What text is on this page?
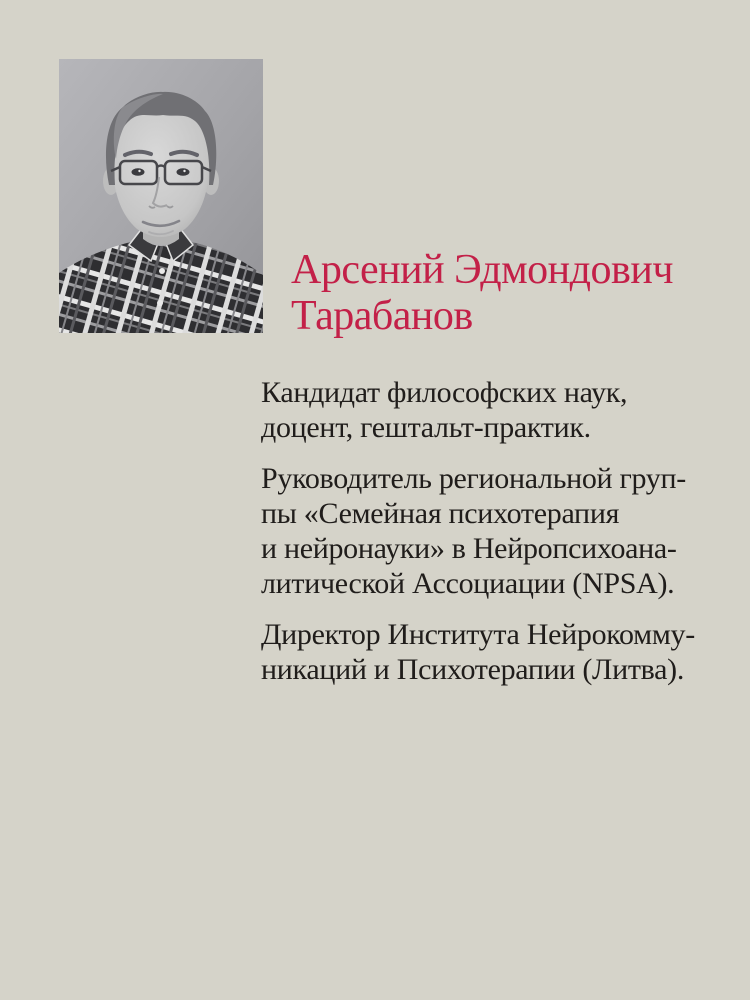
Арсений Эдмондович
Тарабанов

Кандидат философских наук,
доцент, гештальт-практик.

Руководитель региональной груп-
пы «Семейная психотерапия
и нейронауки» в Нейропсихоана-
литической Ассоциации (NPSA).

Директор Института Нейрокомму-
никаций и Психотерапии (Литва).
